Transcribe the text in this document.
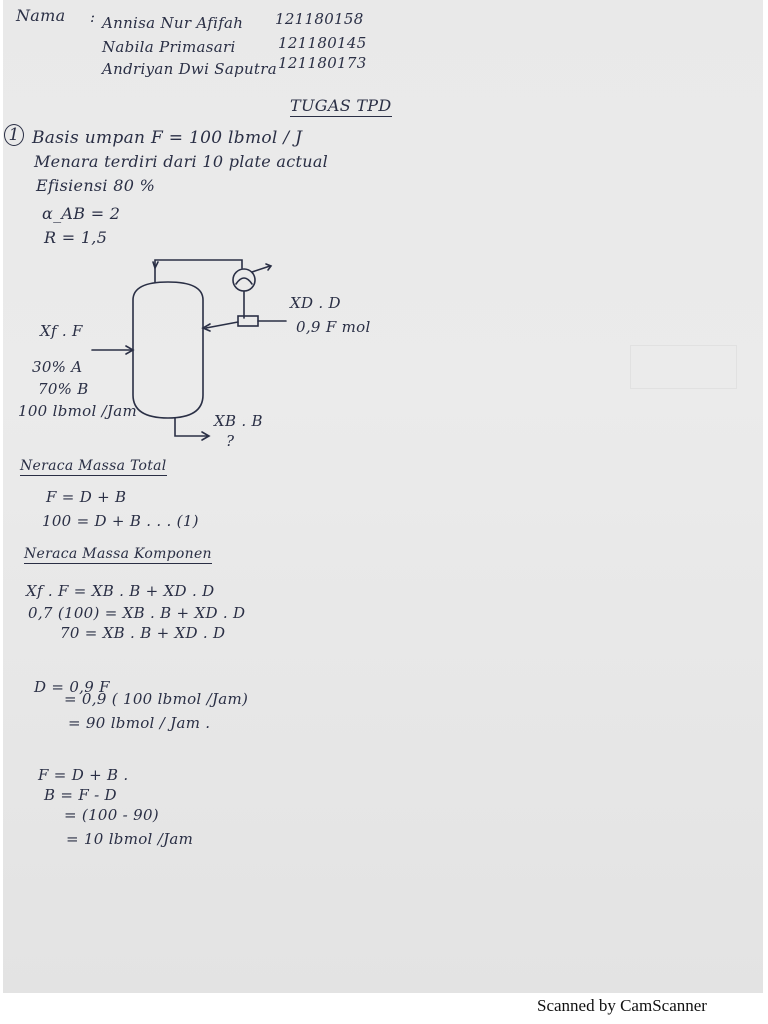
Nama : Annisa Nur Afifah 121180158
Nabila Primasari	121180145
Andriyan Dwi Saputra 121180173
TUGAS TPD
1 Basis umpan F = 100 lbmol / J
Menara terdiri dari 10 plate actual
Efisiensi 80 %
α_AB = 2
R = 1,5
Xf . F
30% A
70% B
100 lbmol /Jam
XD . D
0,9 F mol
XB . B
?
Neraca Massa Total
F = D + B
100 = D + B . . . (1)
Neraca Massa Komponen
Xf . F = XB . B + XD . D
0,7 (100) = XB . B + XD . D
70 = XB . B + XD . D
D = 0,9 F
= 0,9 ( 100 lbmol /Jam)
= 90 lbmol / Jam .
F = D + B .
B = F - D
= (100 - 90)
= 10 lbmol /Jam
Scanned by CamScanner
